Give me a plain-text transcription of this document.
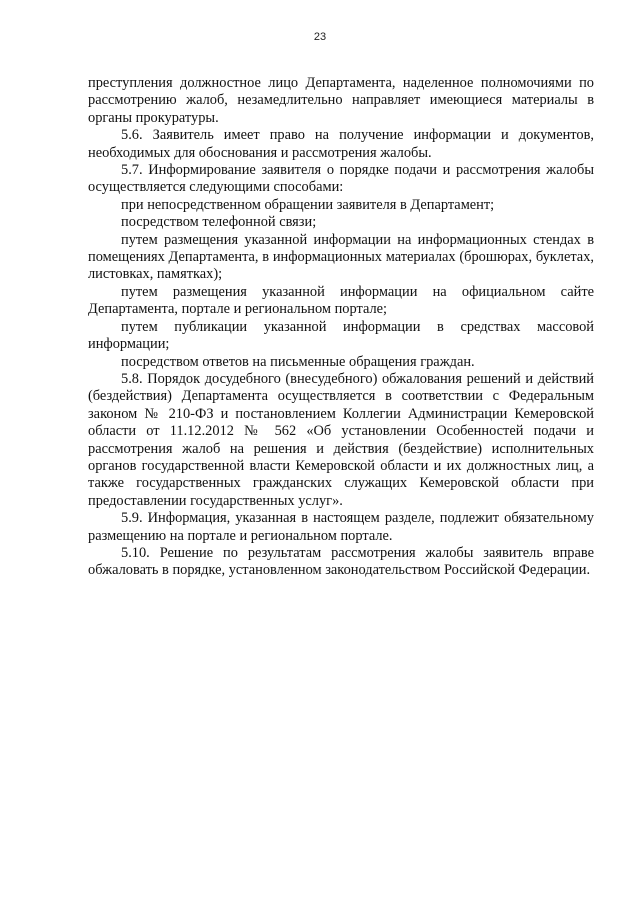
23

преступления должностное лицо Департамента, наделенное полномочиями по рассмотрению жалоб, незамедлительно направляет имеющиеся материалы в органы прокуратуры.

5.6. Заявитель имеет право на получение информации и документов, необходимых для обоснования и рассмотрения жалобы.

5.7. Информирование заявителя о порядке подачи и рассмотрения жалобы осуществляется следующими способами:

при непосредственном обращении заявителя в Департамент;

посредством телефонной связи;

путем размещения указанной информации на информационных стендах в помещениях Департамента, в информационных материалах (брошюрах, буклетах, листовках, памятках);

путем размещения указанной информации на официальном сайте Департамента, портале и региональном портале;

путем публикации указанной информации в средствах массовой информации;

посредством ответов на письменные обращения граждан.

5.8. Порядок досудебного (внесудебного) обжалования решений и действий (бездействия) Департамента осуществляется в соответствии с Федеральным законом № 210-ФЗ и постановлением Коллегии Администрации Кемеровской области от 11.12.2012 № 562 «Об установлении Особенностей подачи и рассмотрения жалоб на решения и действия (бездействие) исполнительных органов государственной власти Кемеровской области и их должностных лиц, а также государственных гражданских служащих Кемеровской области при предоставлении государственных услуг».

5.9. Информация, указанная в настоящем разделе, подлежит обязательному размещению на портале и региональном портале.

5.10. Решение по результатам рассмотрения жалобы заявитель вправе обжаловать в порядке, установленном законодательством Российской Федерации.
